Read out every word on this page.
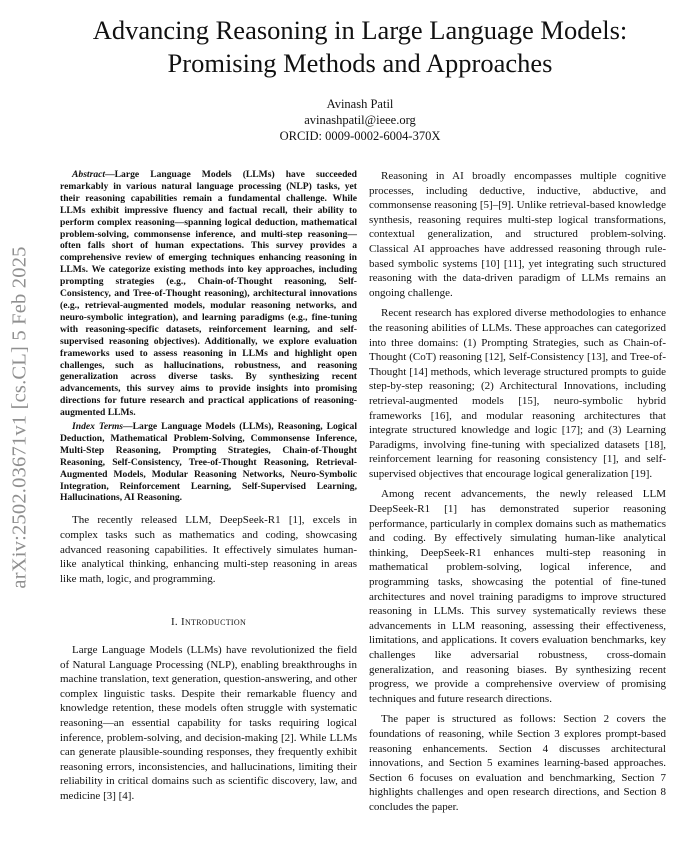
arXiv:2502.03671v1 [cs.CL] 5 Feb 2025
Advancing Reasoning in Large Language Models:
Promising Methods and Approaches
Avinash Patil
avinashpatil@ieee.org
ORCID: 0009-0002-6004-370X

Abstract—Large Language Models (LLMs) have succeeded remarkably in various natural language processing (NLP) tasks, yet their reasoning capabilities remain a fundamental challenge. While LLMs exhibit impressive fluency and factual recall, their ability to perform complex reasoning—spanning logical deduction, mathematical problem-solving, commonsense inference, and multi-step reasoning—often falls short of human expectations. This survey provides a comprehensive review of emerging techniques enhancing reasoning in LLMs. We categorize existing methods into key approaches, including prompting strategies (e.g., Chain-of-Thought reasoning, Self-Consistency, and Tree-of-Thought reasoning), architectural innovations (e.g., retrieval-augmented models, modular reasoning networks, and neuro-symbolic integration), and learning paradigms (e.g., fine-tuning with reasoning-specific datasets, reinforcement learning, and self-supervised reasoning objectives). Additionally, we explore evaluation frameworks used to assess reasoning in LLMs and highlight open challenges, such as hallucinations, robustness, and reasoning generalization across diverse tasks. By synthesizing recent advancements, this survey aims to provide insights into promising directions for future research and practical applications of reasoning-augmented LLMs.

Index Terms—Large Language Models (LLMs), Reasoning, Logical Deduction, Mathematical Problem-Solving, Commonsense Inference, Multi-Step Reasoning, Prompting Strategies, Chain-of-Thought Reasoning, Self-Consistency, Tree-of-Thought Reasoning, Retrieval-Augmented Models, Modular Reasoning Networks, Neuro-Symbolic Integration, Reinforcement Learning, Self-Supervised Learning, Hallucinations, AI Reasoning.

The recently released LLM, DeepSeek-R1 [1], excels in complex tasks such as mathematics and coding, showcasing advanced reasoning capabilities. It effectively simulates human-like analytical thinking, enhancing multi-step reasoning in areas like math, logic, and programming.

I. Introduction

Large Language Models (LLMs) have revolutionized the field of Natural Language Processing (NLP), enabling breakthroughs in machine translation, text generation, question-answering, and other complex linguistic tasks. Despite their remarkable fluency and knowledge retention, these models often struggle with systematic reasoning—an essential capability for tasks requiring logical inference, problem-solving, and decision-making [2]. While LLMs can generate plausible-sounding responses, they frequently exhibit reasoning errors, inconsistencies, and hallucinations, limiting their reliability in critical domains such as scientific discovery, law, and medicine [3] [4].

Reasoning in AI broadly encompasses multiple cognitive processes, including deductive, inductive, abductive, and commonsense reasoning [5]–[9]. Unlike retrieval-based knowledge synthesis, reasoning requires multi-step logical transformations, contextual generalization, and structured problem-solving. Classical AI approaches have addressed reasoning through rule-based symbolic systems [10] [11], yet integrating such structured reasoning with the data-driven paradigm of LLMs remains an ongoing challenge.

Recent research has explored diverse methodologies to enhance the reasoning abilities of LLMs. These approaches can categorized into three domains: (1) Prompting Strategies, such as Chain-of-Thought (CoT) reasoning [12], Self-Consistency [13], and Tree-of-Thought [14] methods, which leverage structured prompts to guide step-by-step reasoning; (2) Architectural Innovations, including retrieval-augmented models [15], neuro-symbolic hybrid frameworks [16], and modular reasoning architectures that integrate structured knowledge and logic [17]; and (3) Learning Paradigms, involving fine-tuning with specialized datasets [18], reinforcement learning for reasoning consistency [1], and self-supervised objectives that encourage logical generalization [19].

Among recent advancements, the newly released LLM DeepSeek-R1 [1] has demonstrated superior reasoning performance, particularly in complex domains such as mathematics and coding. By effectively simulating human-like analytical thinking, DeepSeek-R1 enhances multi-step reasoning in mathematical problem-solving, logical inference, and programming tasks, showcasing the potential of fine-tuned architectures and novel training paradigms to improve structured reasoning in LLMs. This survey systematically reviews these advancements in LLM reasoning, assessing their effectiveness, limitations, and applications. It covers evaluation benchmarks, key challenges like adversarial robustness, cross-domain generalization, and reasoning biases. By synthesizing recent progress, we provide a comprehensive overview of promising techniques and future research directions.

The paper is structured as follows: Section 2 covers the foundations of reasoning, while Section 3 explores prompt-based reasoning enhancements. Section 4 discusses architectural innovations, and Section 5 examines learning-based approaches. Section 6 focuses on evaluation and benchmarking, Section 7 highlights challenges and open research directions, and Section 8 concludes the paper.
